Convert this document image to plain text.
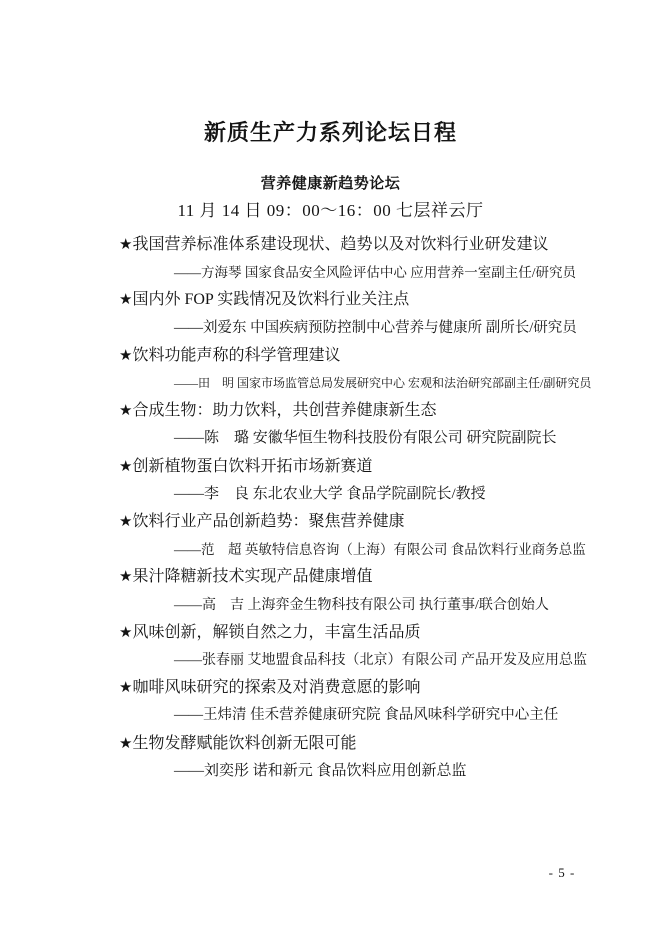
新质生产力系列论坛日程
营养健康新趋势论坛
11 月 14 日 09：00～16：00 七层祥云厅
★我国营养标准体系建设现状、趋势以及对饮料行业研发建议
——方海琴 国家食品安全风险评估中心 应用营养一室副主任/研究员
★国内外 FOP 实践情况及饮料行业关注点
——刘爱东 中国疾病预防控制中心营养与健康所 副所长/研究员
★饮料功能声称的科学管理建议
——田　明 国家市场监管总局发展研究中心 宏观和法治研究部副主任/副研究员
★合成生物：助力饮料，共创营养健康新生态
——陈　璐 安徽华恒生物科技股份有限公司 研究院副院长
★创新植物蛋白饮料开拓市场新赛道
——李　良 东北农业大学 食品学院副院长/教授
★饮料行业产品创新趋势：聚焦营养健康
——范　超 英敏特信息咨询（上海）有限公司 食品饮料行业商务总监
★果汁降糖新技术实现产品健康增值
——高　吉 上海弈金生物科技有限公司 执行董事/联合创始人
★风味创新，解锁自然之力，丰富生活品质
——张春丽 艾地盟食品科技（北京）有限公司 产品开发及应用总监
★咖啡风味研究的探索及对消费意愿的影响
——王炜清 佳禾营养健康研究院 食品风味科学研究中心主任
★生物发酵赋能饮料创新无限可能
——刘奕彤 诺和新元 食品饮料应用创新总监
- 5 -
